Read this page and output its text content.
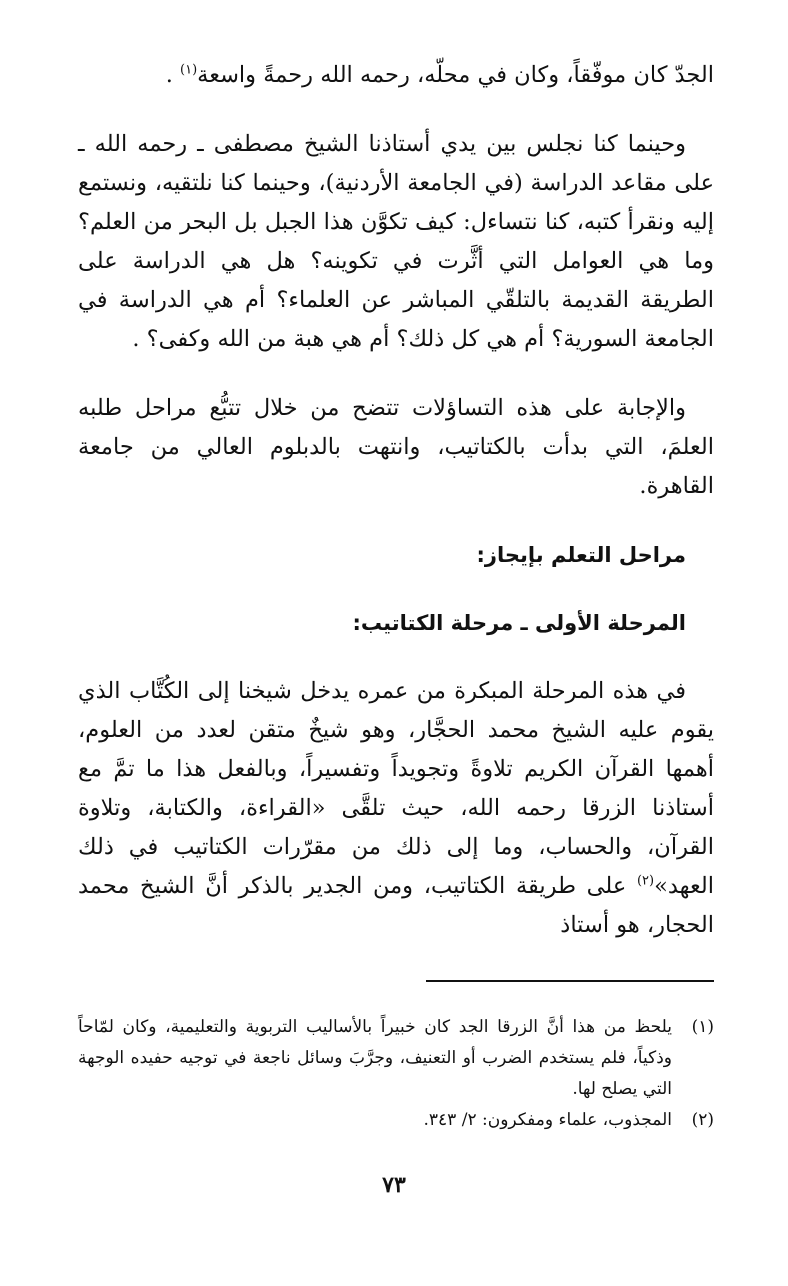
الجدّ كان موفّقاً، وكان في محلّه، رحمه الله رحمةً واسعة$^{(١)}$ .

وحينما كنا نجلس بين يدي أستاذنا الشيخ مصطفى ـ رحمه الله ـ على مقاعد الدراسة (في الجامعة الأردنية)، وحينما كنا نلتقيه، ونستمع إليه ونقرأ كتبه، كنا نتساءل: كيف تكوَّن هذا الجبل بل البحر من العلم؟ وما هي العوامل التي أثَّرت في تكوينه؟ هل هي الدراسة على الطريقة القديمة بالتلقّي المباشر عن العلماء؟ أم هي الدراسة في الجامعة السورية؟ أم هي كل ذلك؟ أم هي هبة من الله وكفى؟ .

والإجابة على هذه التساؤلات تتضح من خلال تتبُّع مراحل طلبه العلمَ، التي بدأت بالكتاتيب، وانتهت بالدبلوم العالي من جامعة القاهرة.

مراحل التعلم بإيجاز:

المرحلة الأولى ـ مرحلة الكتاتيب:

في هذه المرحلة المبكرة من عمره يدخل شيخنا إلى الكُتَّاب الذي يقوم عليه الشيخ محمد الحجَّار، وهو شيخٌ متقن لعدد من العلوم، أهمها القرآن الكريم تلاوةً وتجويداً وتفسيراً، وبالفعل هذا ما تمَّ مع أستاذنا الزرقا رحمه الله، حيث تلقَّى «القراءة، والكتابة، وتلاوة القرآن، والحساب، وما إلى ذلك من مقرّرات الكتاتيب في ذلك العهد»$^{(٢)}$ على طريقة الكتاتيب، ومن الجدير بالذكر أنَّ الشيخ محمد الحجار، هو أستاذ

(١)
يلحظ من هذا أنَّ الزرقا الجد كان خبيراً بالأساليب التربوية والتعليمية، وكان لمّاحاً وذكياً، فلم يستخدم الضرب أو التعنيف، وجرَّبَ وسائل ناجعة في توجيه حفيده الوجهة التي يصلح لها.
(٢)
المجذوب، علماء ومفكرون: ٢/ ٣٤٣.
٧٣
